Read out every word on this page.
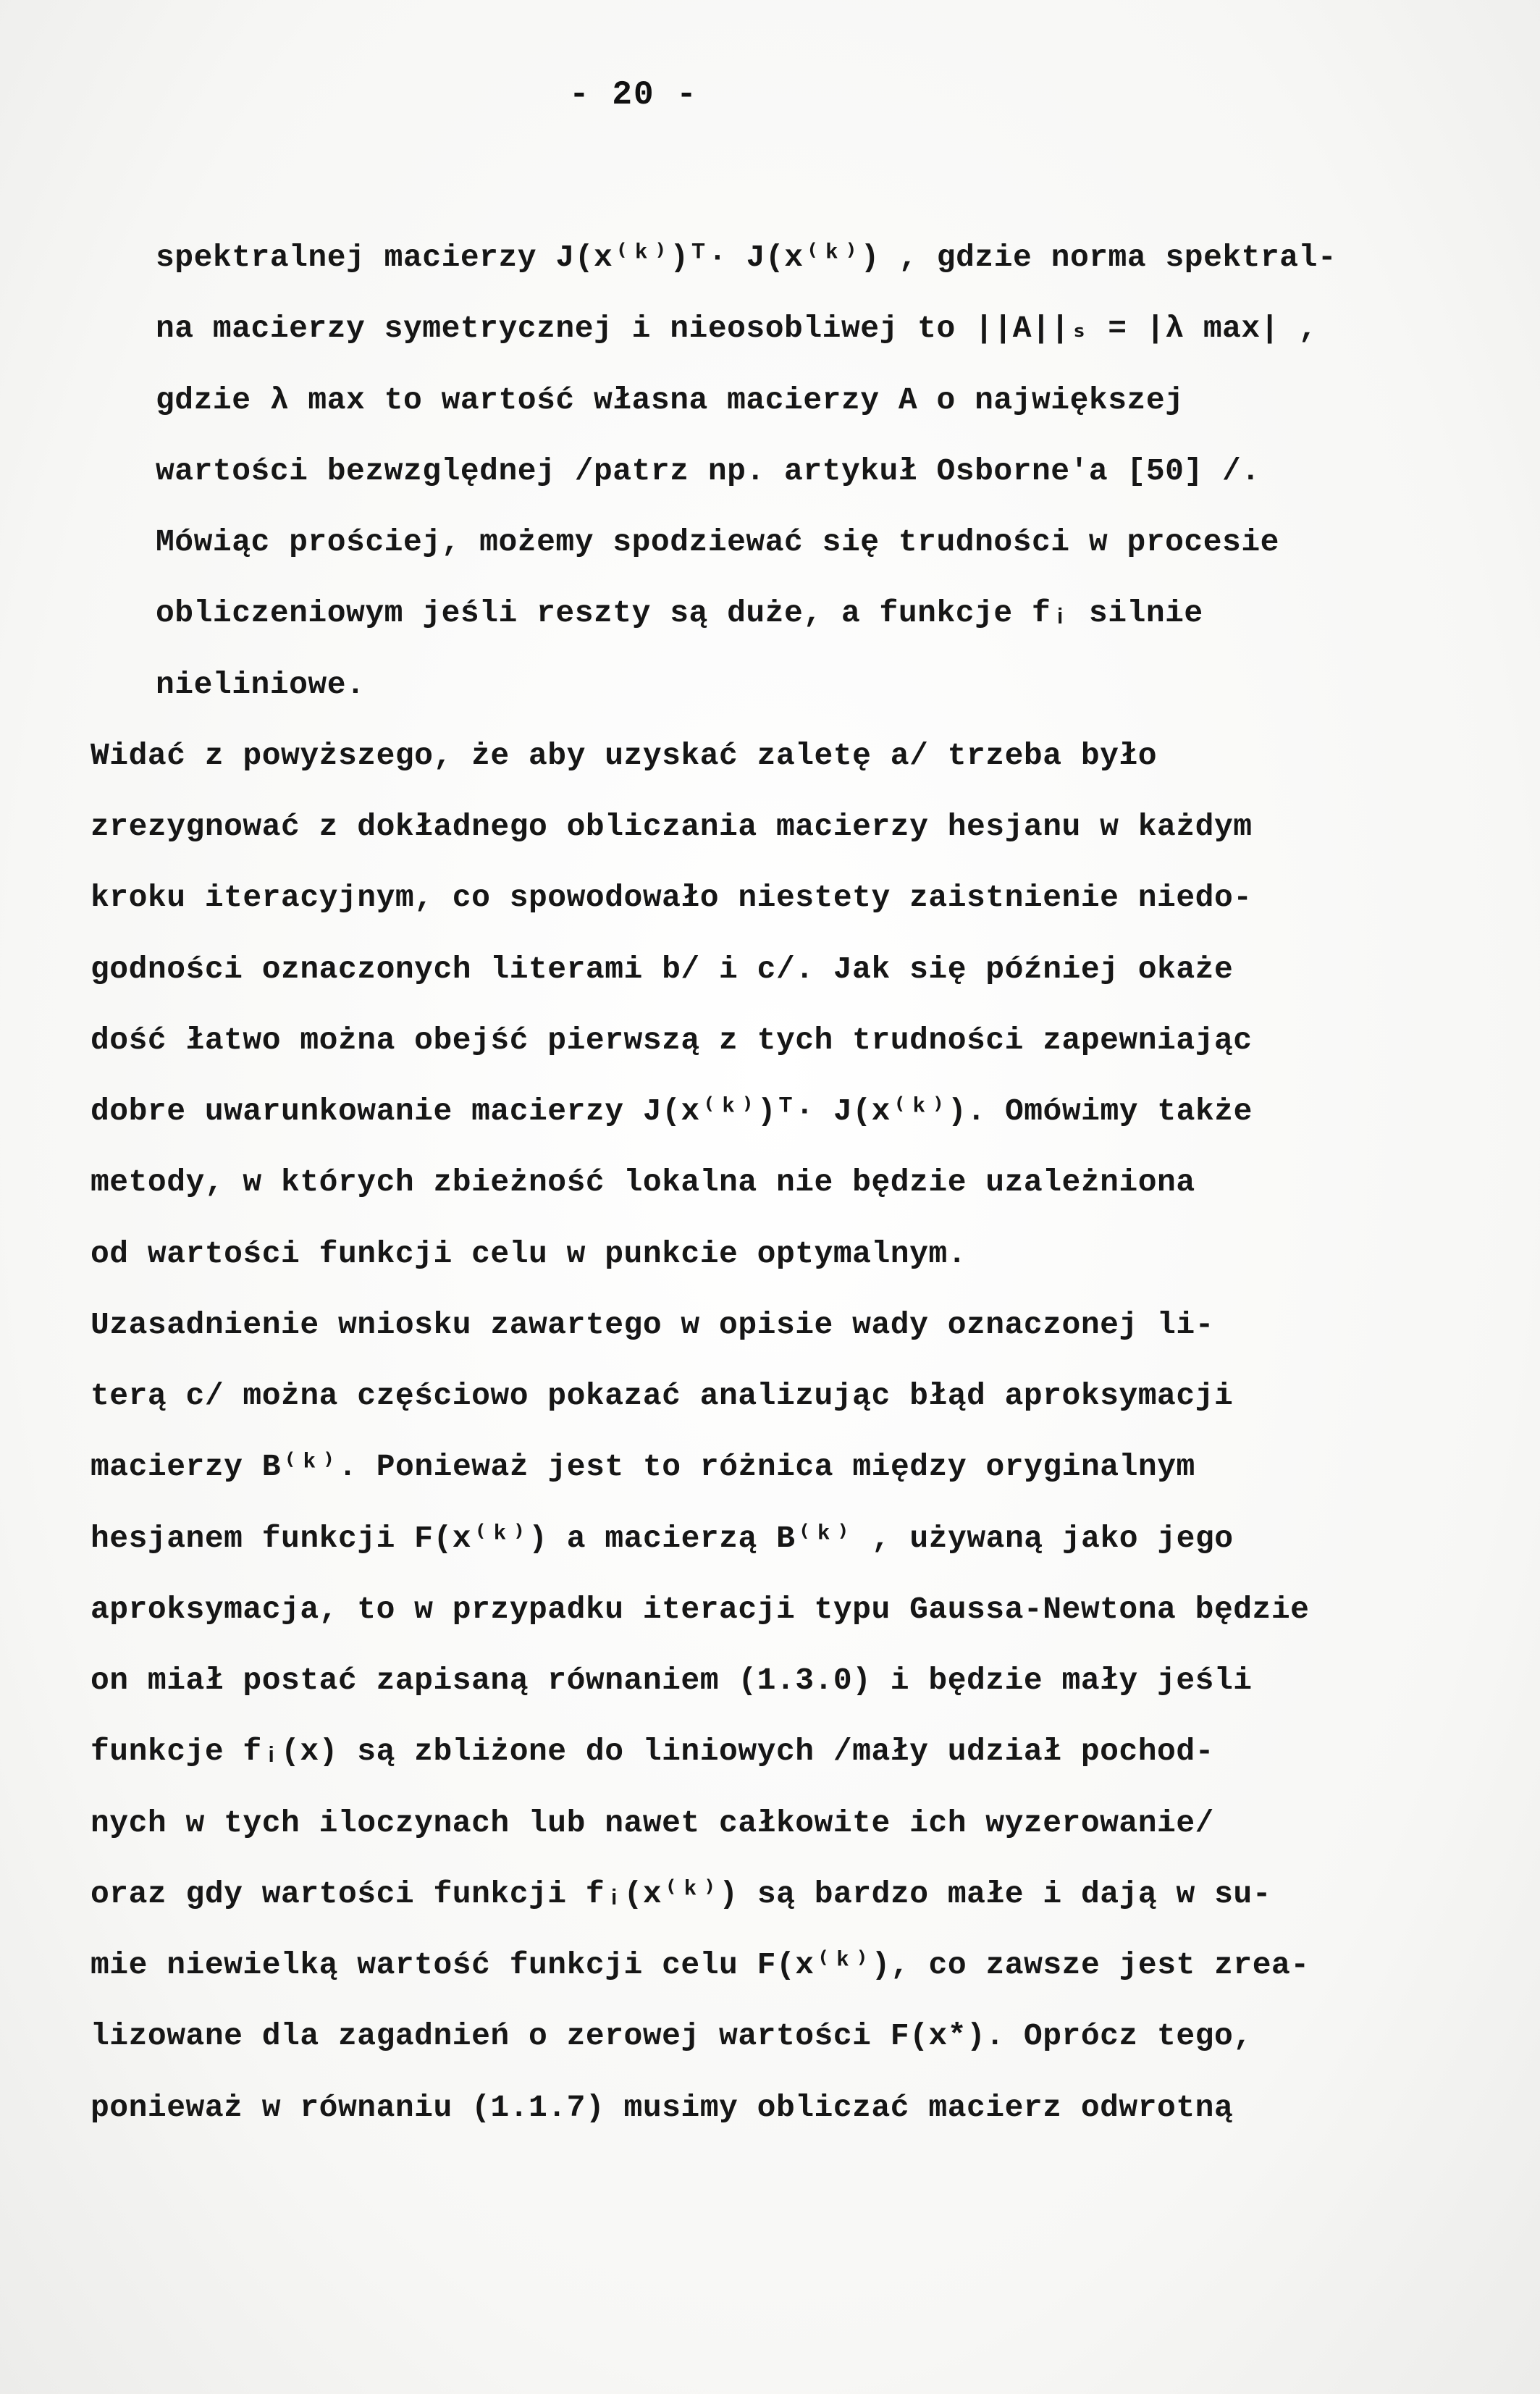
- 20 -
spektralnej macierzy J(x⁽ᵏ⁾)ᵀ· J(x⁽ᵏ⁾) , gdzie norma spektral-
na macierzy symetrycznej i nieosobliwej to ||A||ₛ = |λ max| ,
gdzie λ max to wartość własna macierzy A o największej
wartości bezwzględnej /patrz np. artykuł Osborne'a [50] /.
Mówiąc prościej, możemy spodziewać się trudności w procesie
obliczeniowym jeśli reszty są duże, a funkcje fᵢ silnie
nieliniowe.
Widać z powyższego, że aby uzyskać zaletę a/ trzeba było
zrezygnować z dokładnego obliczania macierzy hesjanu w każdym
kroku iteracyjnym, co spowodowało niestety zaistnienie niedo-
godności oznaczonych literami b/ i c/. Jak się później okaże
dość łatwo można obejść pierwszą z tych trudności zapewniając
dobre uwarunkowanie macierzy J(x⁽ᵏ⁾)ᵀ· J(x⁽ᵏ⁾). Omówimy także
metody, w których zbieżność lokalna nie będzie uzależniona
od wartości funkcji celu w punkcie optymalnym.
Uzasadnienie wniosku zawartego w opisie wady oznaczonej li-
terą c/ można częściowo pokazać analizując błąd aproksymacji
macierzy B⁽ᵏ⁾. Ponieważ jest to różnica między oryginalnym
hesjanem funkcji F(x⁽ᵏ⁾) a macierzą B⁽ᵏ⁾ , używaną jako jego
aproksymacja, to w przypadku iteracji typu Gaussa-Newtona będzie
on miał postać zapisaną równaniem (1.3.0) i będzie mały jeśli
funkcje fᵢ(x) są zbliżone do liniowych /mały udział pochod-
nych w tych iloczynach lub nawet całkowite ich wyzerowanie/
oraz gdy wartości funkcji fᵢ(x⁽ᵏ⁾) są bardzo małe i dają w su-
mie niewielką wartość funkcji celu F(x⁽ᵏ⁾), co zawsze jest zrea-
lizowane dla zagadnień o zerowej wartości F(x*). Oprócz tego,
ponieważ w równaniu (1.1.7) musimy obliczać macierz odwrotną
